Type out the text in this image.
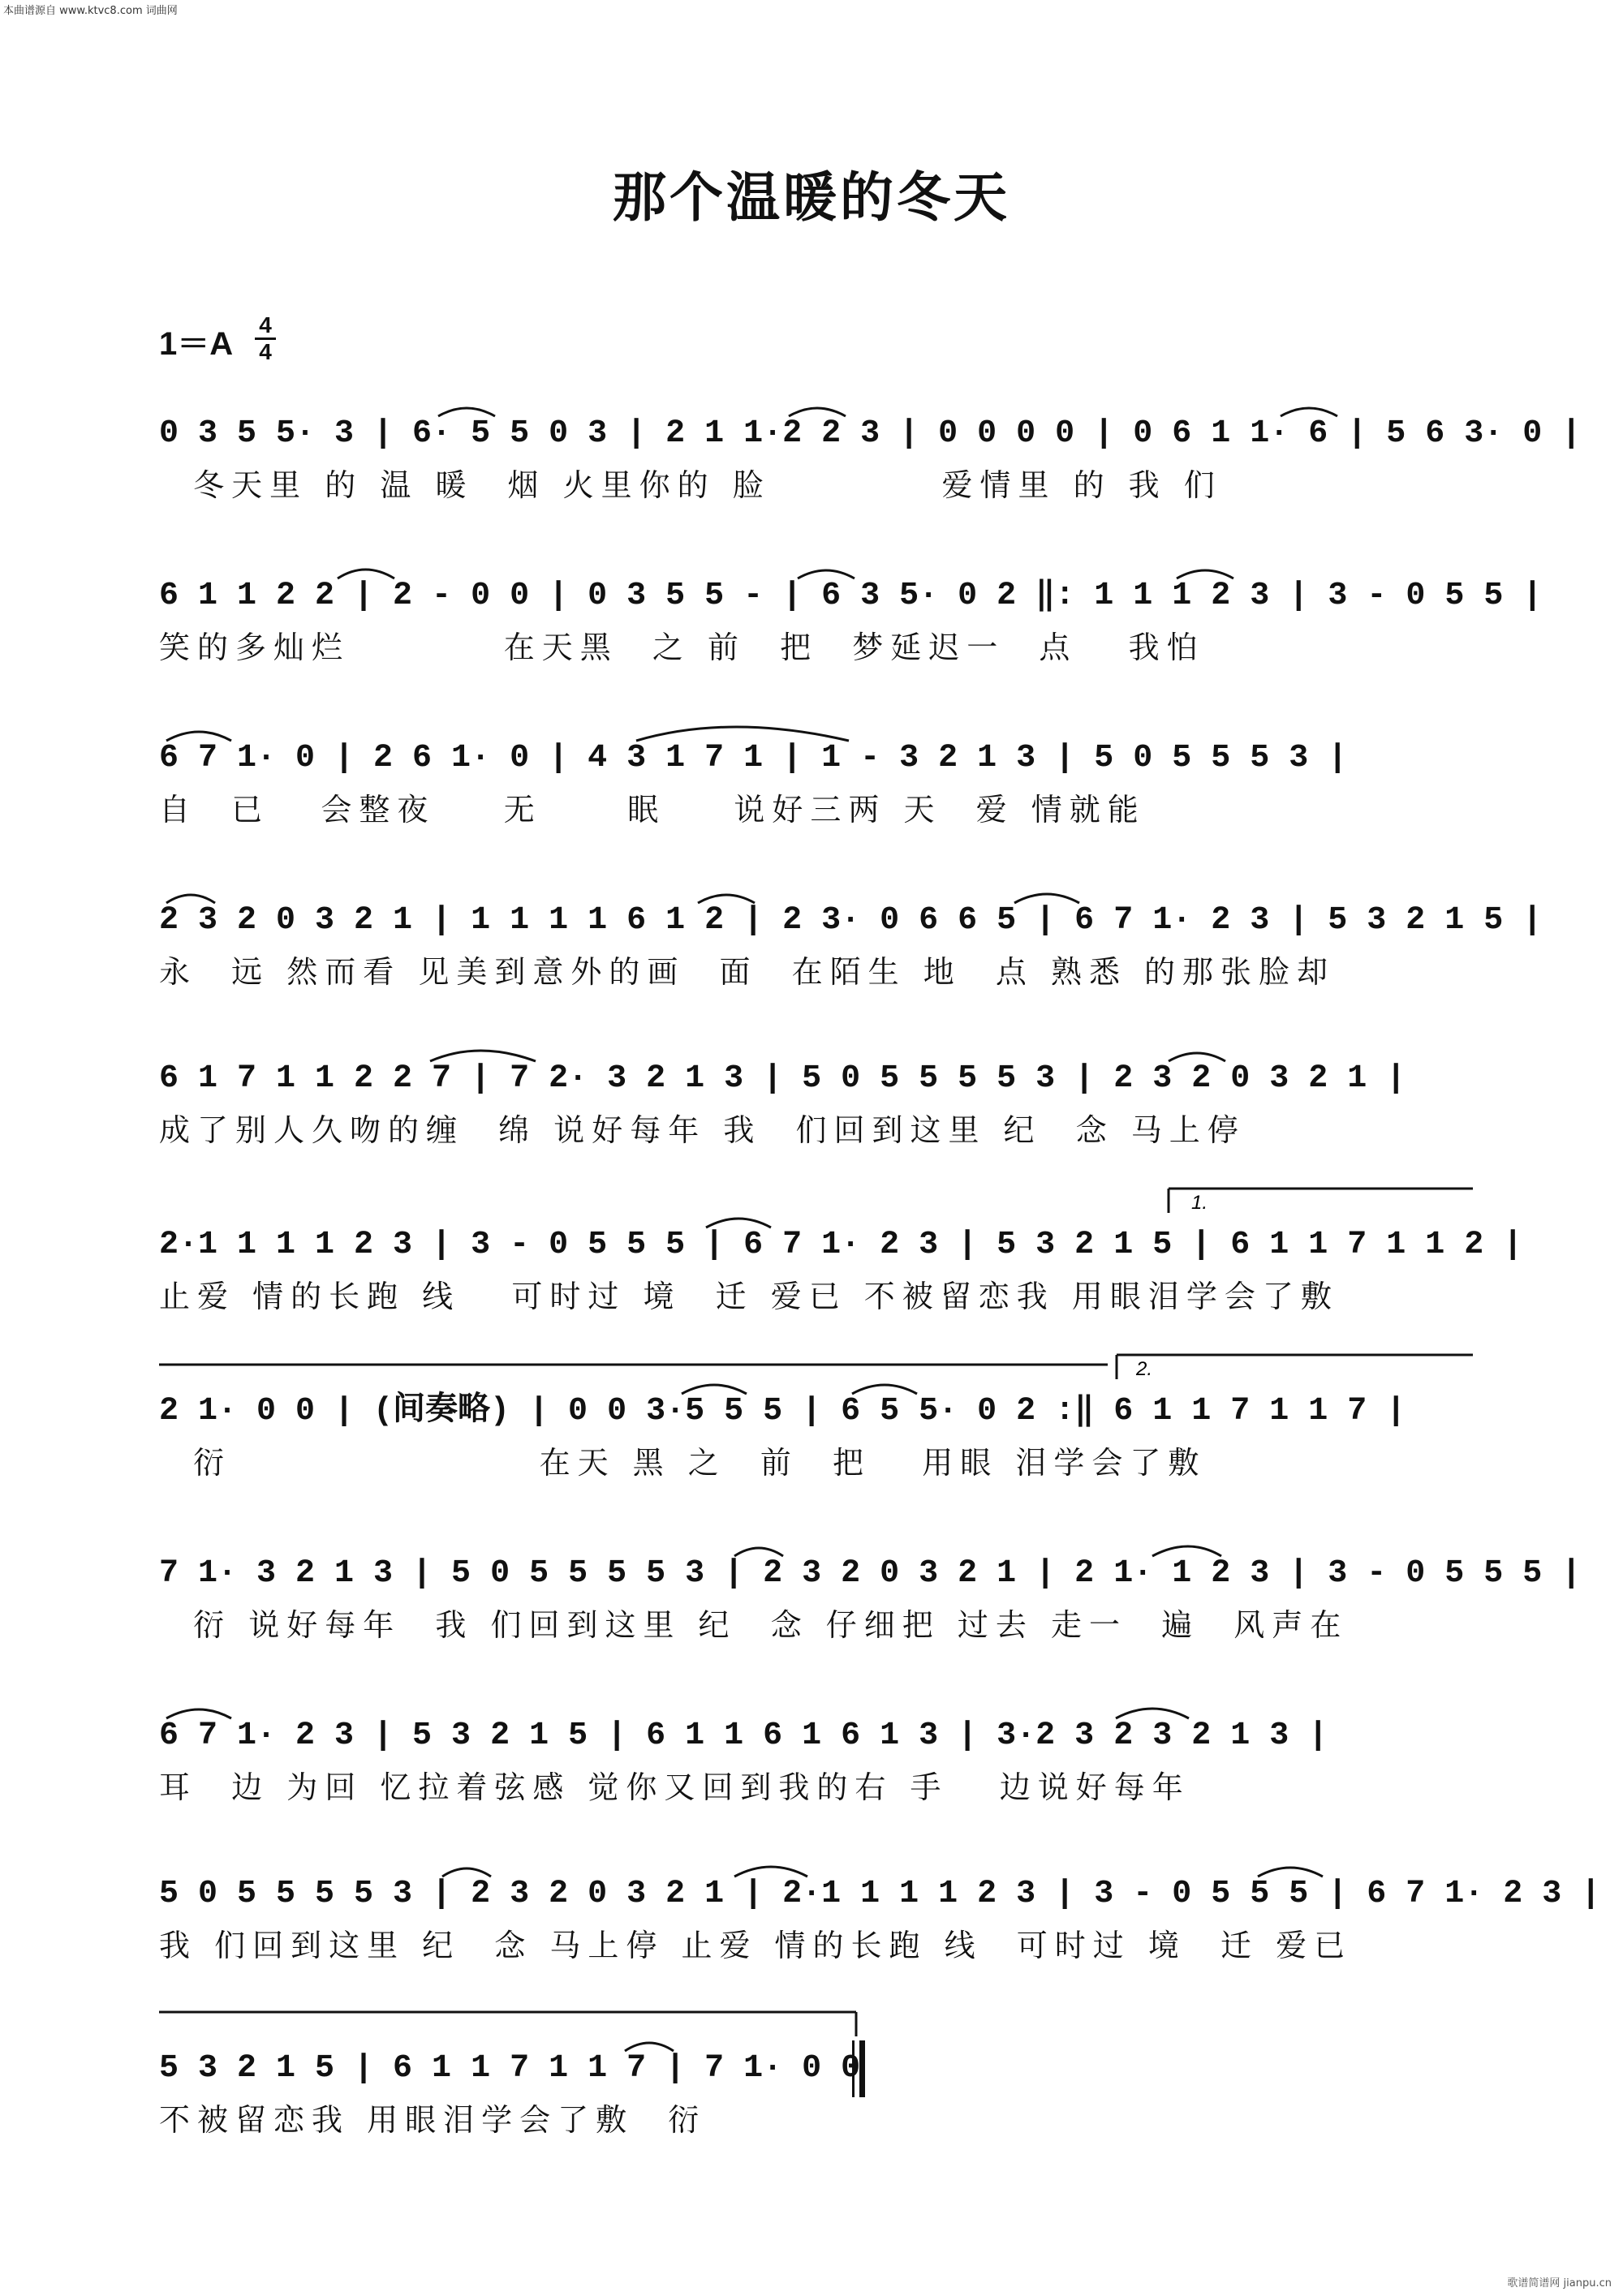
本曲谱源自 www.ktvc8.com 词曲网
歌谱简谱网 jianpu.cn
那个温暖的冬天
1＝A
4
4
0 3 5 5· 3 | 6· 5 5 0 3 | 2 1 1·2 2 3 | 0 0 0 0 | 0 6 1 1· 6 | 5 6 3· 0 |
冬天里 的 温 暖  烟 火里你的 脸          爱情里 的 我 们
6 1 1 2 2 | 2 - 0 0 | 0 3 5 5 - | 6 3 5· 0 2 ‖: 1 1 1 2 3 | 3 - 0 5 5 |
笑的多灿烂         在天黑  之 前  把  梦延迟一  点   我怕
6 7 1· 0 | 2 6 1· 0 | 4 3 1 7 1 | 1 - 3 2 1 3 | 5 0 5 5 5 3 |
自  已   会整夜    无     眠    说好三两 天  爱 情就能
2 3 2 0 3 2 1 | 1 1 1 1 6 1 2 | 2 3· 0 6 6 5 | 6 7 1· 2 3 | 5 3 2 1 5 |
永  远 然而看 见美到意外的画  面  在陌生 地  点 熟悉 的那张脸却
6 1 7 1 1 2 2 7 | 7 2· 3 2 1 3 | 5 0 5 5 5 5 3 | 2 3 2 0 3 2 1 |
成了别人久吻的缠  绵 说好每年 我  们回到这里 纪  念 马上停
1.
2·1 1 1 1 2 3 | 3 - 0 5 5 5 | 6 7 1· 2 3 | 5 3 2 1 5 | 6 1 1 7 1 1 2 |
止爱 情的长跑 线   可时过 境  迁 爱已 不被留恋我 用眼泪学会了敷
2.
2 1· 0 0 | (间奏略) | 0 0 3·5 5 5 | 6 5 5· 0 2 :‖ 6 1 1 7 1 1 7 |
衍                  在天 黑 之  前  把   用眼 泪学会了敷
7 1· 3 2 1 3 | 5 0 5 5 5 5 3 | 2 3 2 0 3 2 1 | 2 1· 1 2 3 | 3 - 0 5 5 5 |
衍 说好每年  我 们回到这里 纪  念 仔细把 过去 走一  遍  风声在
6 7 1· 2 3 | 5 3 2 1 5 | 6 1 1 6 1 6 1 3 | 3·2 3 2 3 2 1 3 |
耳  边 为回 忆拉着弦感 觉你又回到我的右 手   边说好每年
5 0 5 5 5 5 3 | 2 3 2 0 3 2 1 | 2·1 1 1 1 2 3 | 3 - 0 5 5 5 | 6 7 1· 2 3 |
我 们回到这里 纪  念 马上停 止爱 情的长跑 线  可时过 境  迁 爱已
5 3 2 1 5 | 6 1 1 7 1 1 7 | 7 1· 0 0
不被留恋我 用眼泪学会了敷  衍
